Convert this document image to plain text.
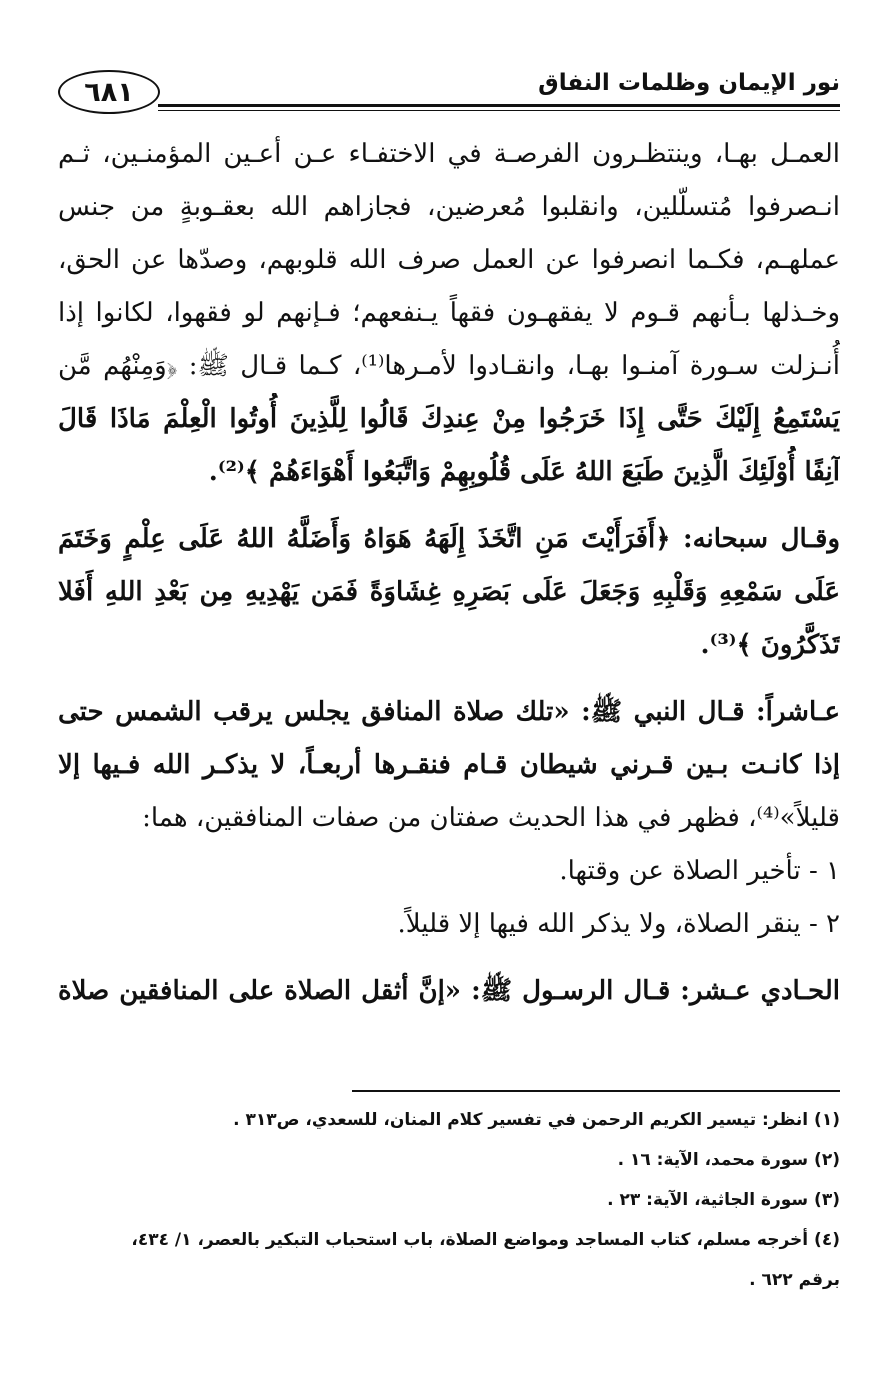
٦٨١	نور الإيمان وظلمات النفاق
العمـل بهـا، وينتظـرون الفرصـة في الاختفـاء عـن أعـين المؤمنـين، ثـم
انـصرفوا مُتسلّلين، وانقلبوا مُعرضين، فجازاهم الله بعقـوبةٍ من جنس
عملهـم، فكـما انصرفوا عن العمل صرف الله قلوبهم، وصدّها عن الحق،
وخـذلها بـأنهم قـوم لا يفقهـون فقهاً يـنفعهم؛ فـإنهم لو فقهوا، لكانوا إذا
أُنـزلت سـورة آمنـوا بهـا، وانقـادوا لأمـرها⁽¹⁾، كـما قـال ﷺ: ﴿وَمِنْهُم مَّن
يَسْتَمِعُ إِلَيْكَ حَتَّى إِذَا خَرَجُوا مِنْ عِندِكَ قَالُوا لِلَّذِينَ أُوتُوا الْعِلْمَ مَاذَا قَالَ
آنِفًا أُوْلَئِكَ الَّذِينَ طَبَعَ اللهُ عَلَى قُلُوبِهِمْ وَاتَّبَعُوا أَهْوَاءَهُمْ ﴾⁽²⁾.
وقـال سبحانه: ﴿أَفَرَأَيْتَ مَنِ اتَّخَذَ إِلَهَهُ هَوَاهُ وَأَضَلَّهُ اللهُ عَلَى عِلْمٍ وَخَتَمَ
عَلَى سَمْعِهِ وَقَلْبِهِ وَجَعَلَ عَلَى بَصَرِهِ غِشَاوَةً فَمَن يَهْدِيهِ مِن بَعْدِ اللهِ أَفَلا
تَذَكَّرُونَ ﴾⁽³⁾.
عـاشراً: قـال النبي ﷺ: «تلك صلاة المنافق يجلس يرقب الشمس حتى
إذا كانـت بـين قـرني شيطان قـام فنقـرها أربعـاً، لا يذكـر الله فـيها إلا
قليلاً»⁽⁴⁾، فظهر في هذا الحديث صفتان من صفات المنافقين، هما:
١ - تأخير الصلاة عن وقتها.
٢ - ينقر الصلاة، ولا يذكر الله فيها إلا قليلاً.
الحـادي عـشر: قـال الرسـول ﷺ: «إنَّ أثقل الصلاة على المنافقين صلاة
(١) انظر: تيسير الكريم الرحمن في تفسير كلام المنان، للسعدي، ص٣١٣ .
(٢) سورة محمد، الآية: ١٦ .
(٣) سورة الجاثية، الآية: ٢٣ .
(٤) أخرجه مسلم، كتاب المساجد ومواضع الصلاة، باب استحباب التبكير بالعصر، ١/ ٤٣٤،
برقم ٦٢٢ .
